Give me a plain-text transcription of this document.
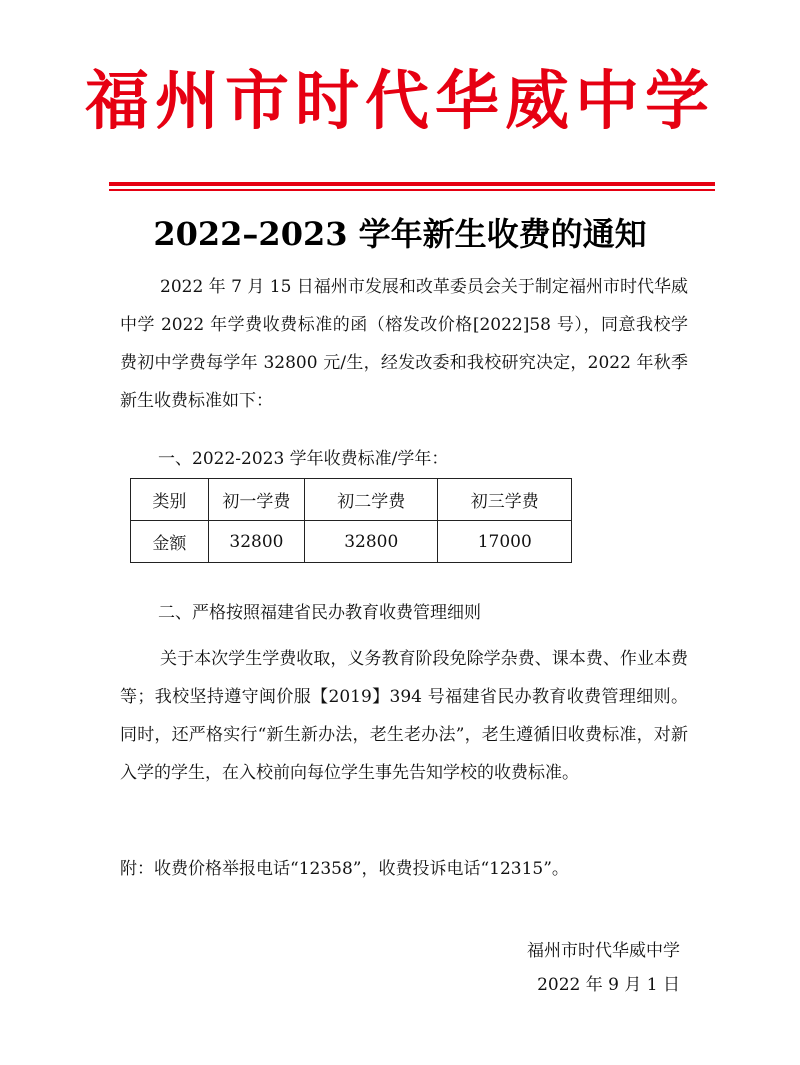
福州市时代华威中学
2022–2023 学年新生收费的通知
2022 年 7 月 15 日福州市发展和改革委员会关于制定福州市时代华威中学 2022 年学费收费标准的函（榕发改价格[2022]58 号），同意我校学费初中学费每学年 32800 元/生，经发改委和我校研究决定，2022 年秋季新生收费标准如下：
一、2022-2023 学年收费标准/学年：
类别	初一学费	初二学费	初三学费
金额	32800	32800	17000
二、严格按照福建省民办教育收费管理细则
关于本次学生学费收取，义务教育阶段免除学杂费、课本费、作业本费等；我校坚持遵守闽价服【2019】394 号福建省民办教育收费管理细则。同时，还严格实行“新生新办法，老生老办法”，老生遵循旧收费标准，对新入学的学生，在入校前向每位学生事先告知学校的收费标准。
附：收费价格举报电话“12358”，收费投诉电话“12315”。
福州市时代华威中学
2022 年 9 月 1 日
